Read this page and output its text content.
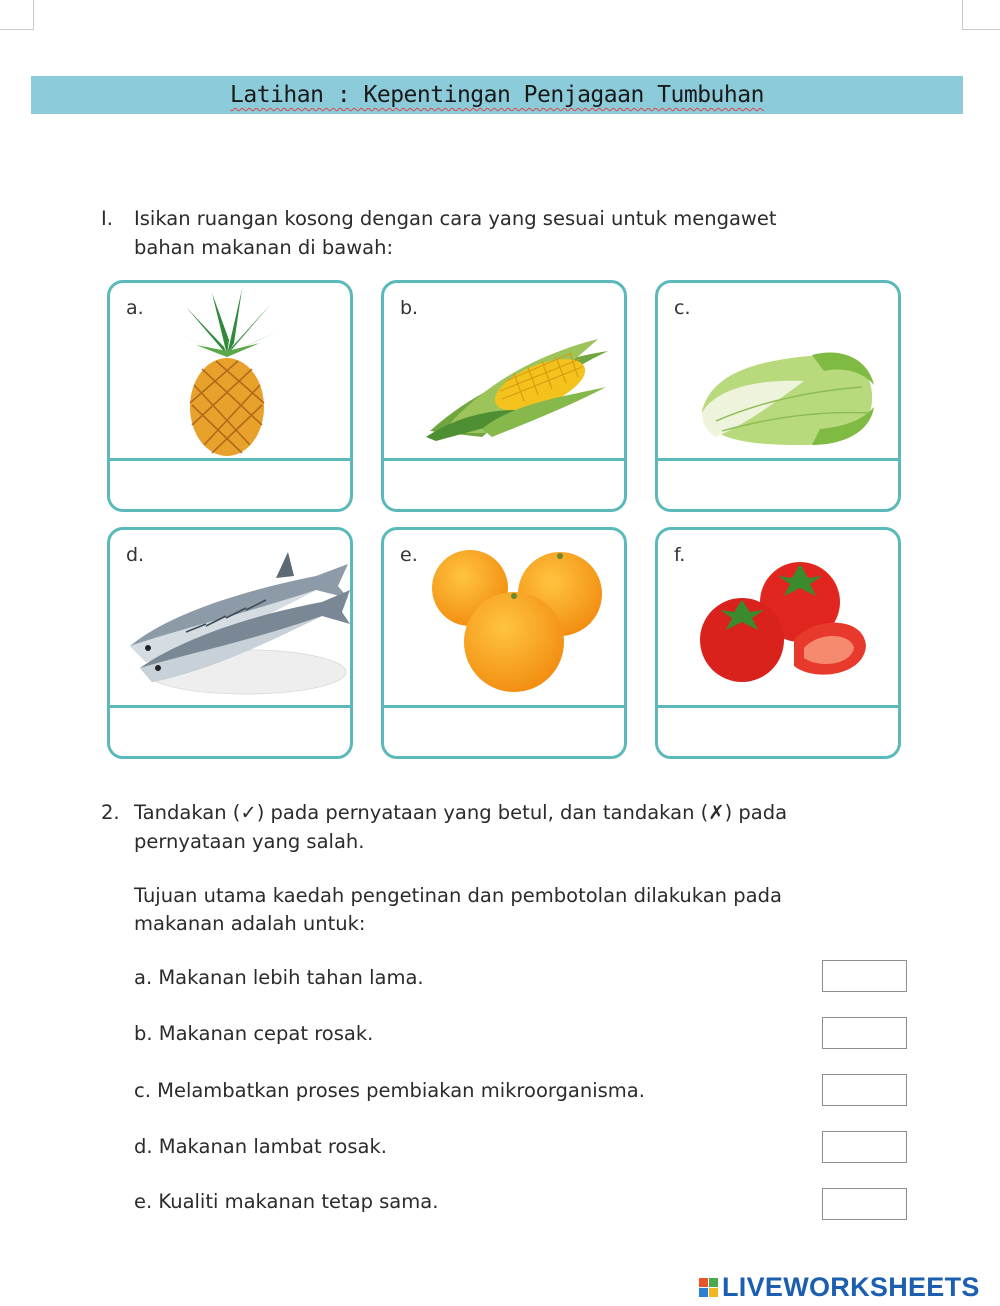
Latihan : Kepentingan Penjagaan Tumbuhan
I. Isikan ruangan kosong dengan cara yang sesuai untuk mengawet
bahan makanan di bawah:
a.	b.	c.
d.	e.	f.
2. Tandakan (✓) pada pernyataan yang betul, dan tandakan (✗) pada
pernyataan yang salah.
Tujuan utama kaedah pengetinan dan pembotolan dilakukan pada
makanan adalah untuk:
a. Makanan lebih tahan lama.
b. Makanan cepat rosak.
c. Melambatkan proses pembiakan mikroorganisma.
d. Makanan lambat rosak.
e. Kualiti makanan tetap sama.
LIVEWORKSHEETS
